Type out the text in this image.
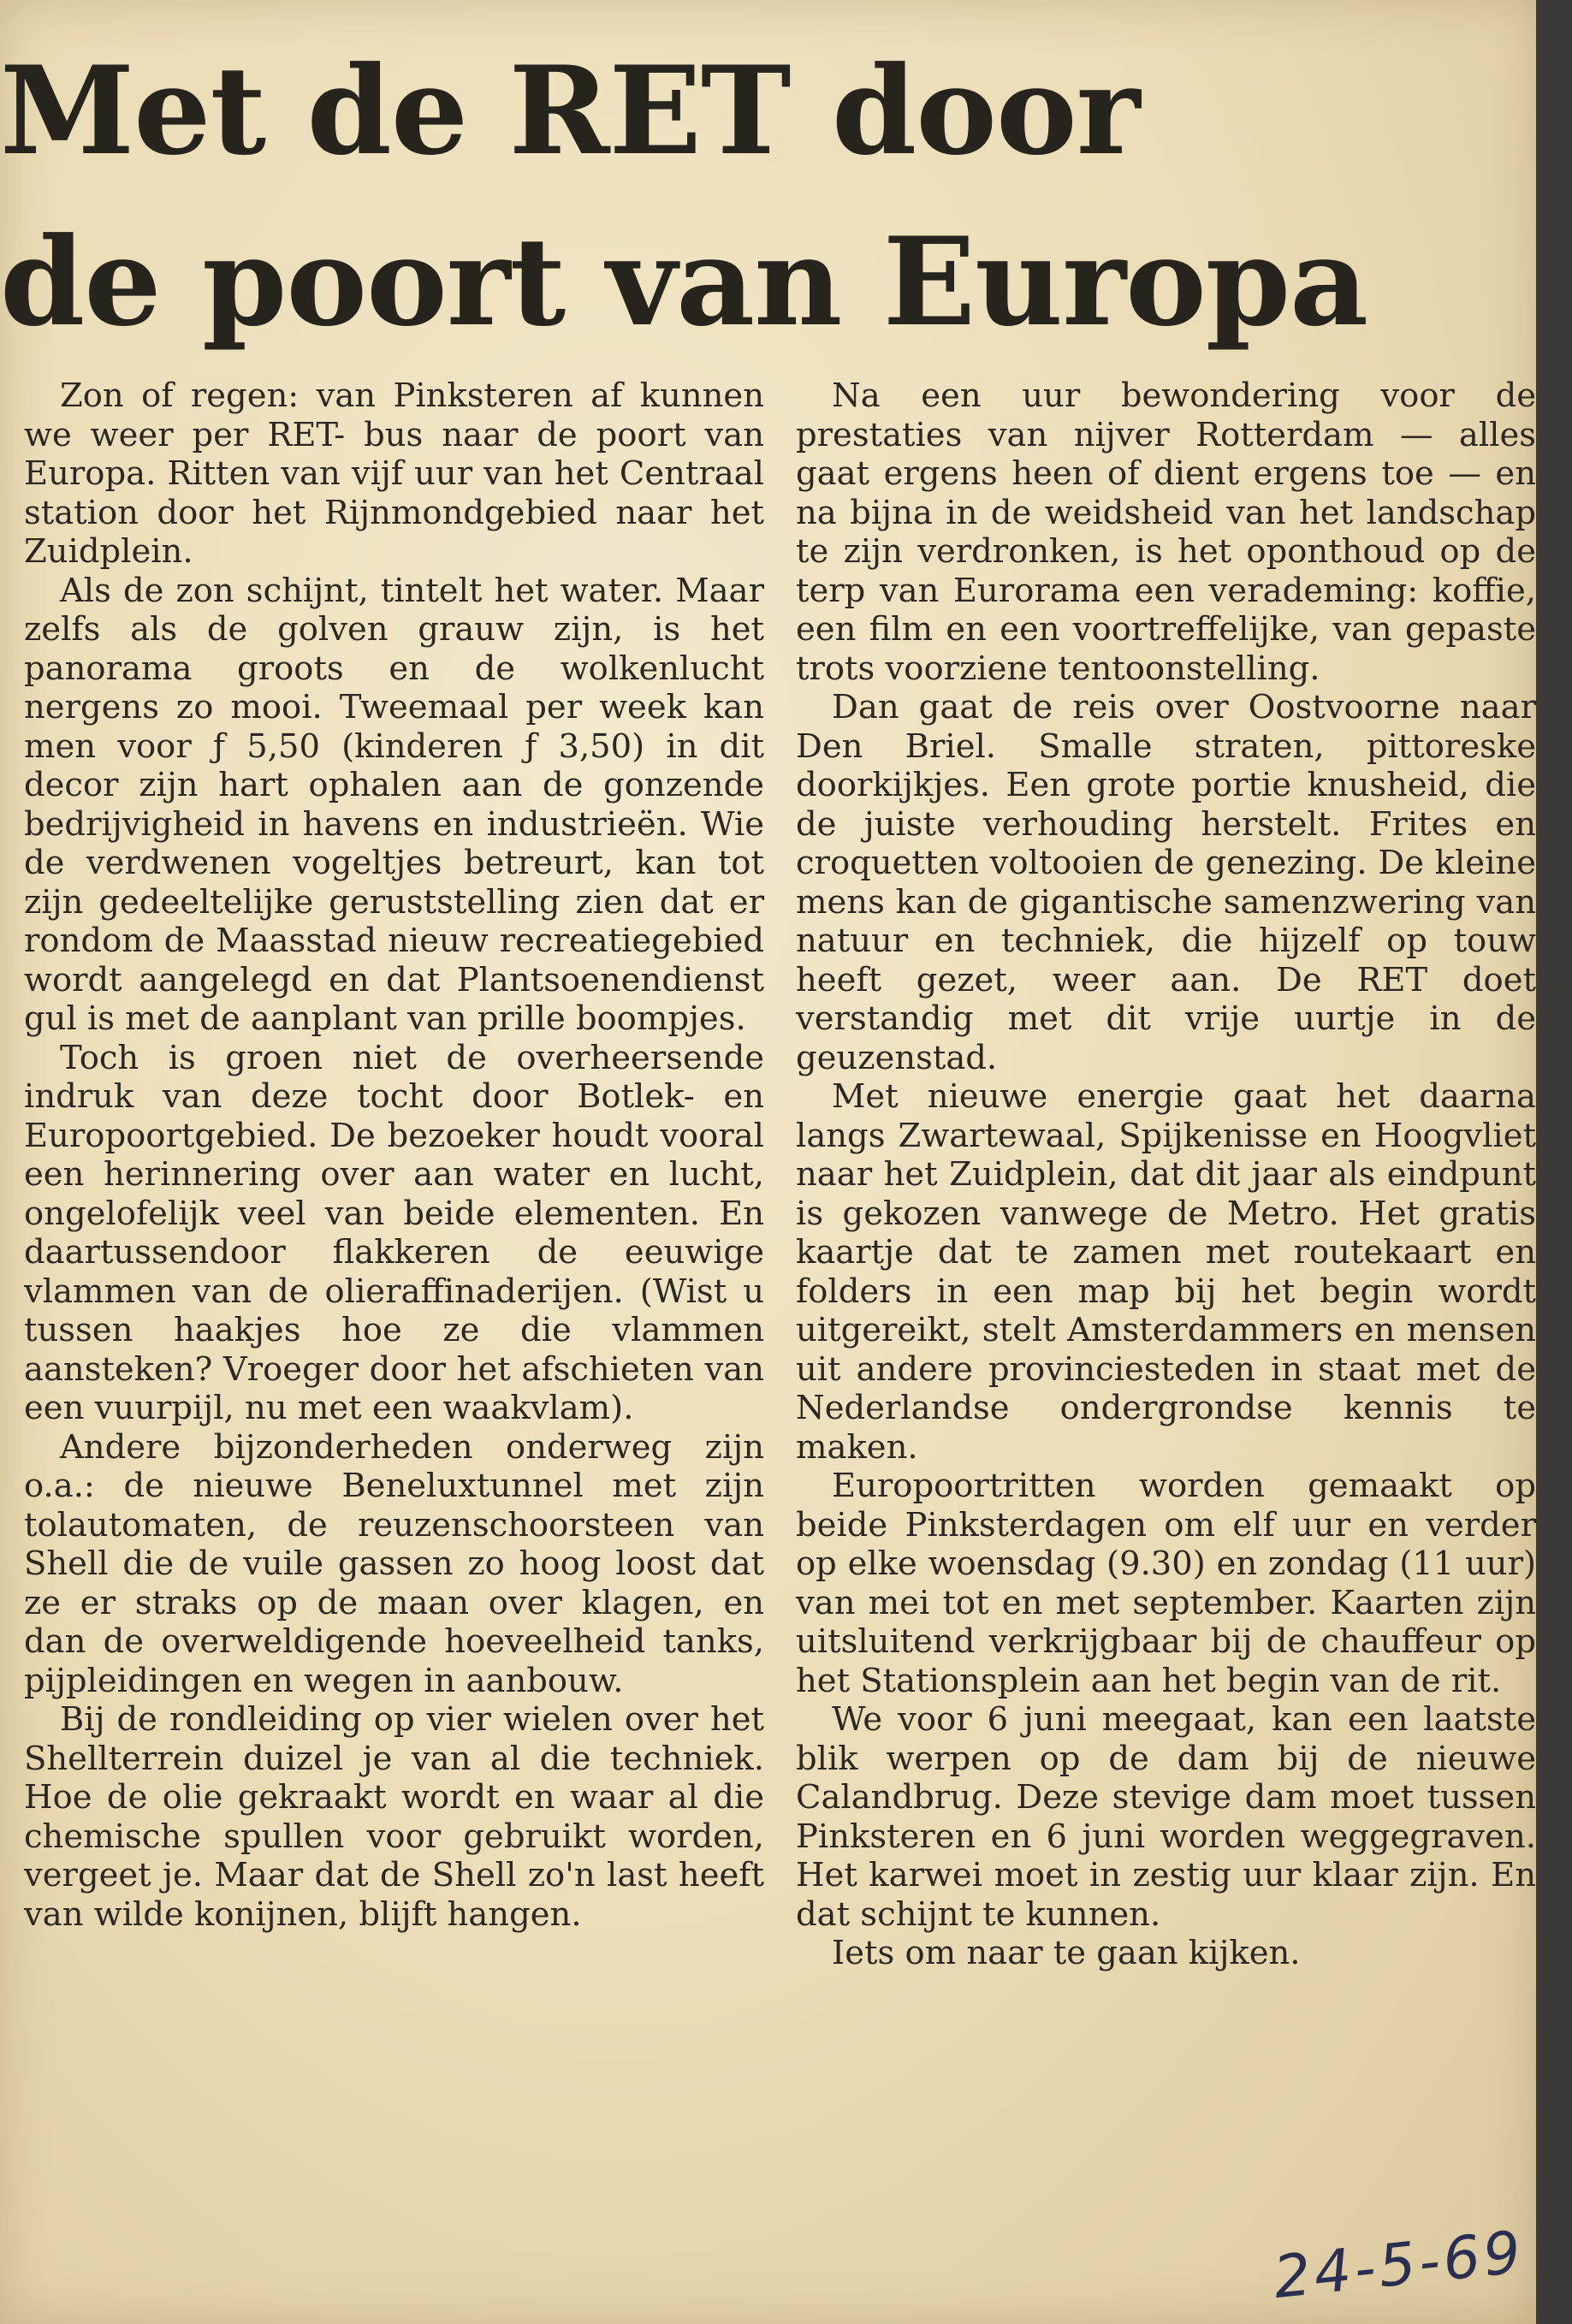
Met de RET door
de poort van Europa

Zon of regen: van Pinksteren af kunnen we weer per RET- bus naar de poort van Europa. Ritten van vijf uur van het Centraal station door het Rijnmondgebied naar het Zuidplein.

Als de zon schijnt, tintelt het water. Maar zelfs als de golven grauw zijn, is het panorama groots en de wolkenlucht nergens zo mooi. Tweemaal per week kan men voor ƒ 5,50 (kinderen ƒ 3,50) in dit decor zijn hart ophalen aan de gonzende bedrijvigheid in havens en industrieën. Wie de verdwenen vogeltjes betreurt, kan tot zijn gedeeltelijke geruststelling zien dat er rondom de Maasstad nieuw recreatiegebied wordt aangelegd en dat Plantsoenendienst gul is met de aanplant van prille boompjes.

Toch is groen niet de overheersende indruk van deze tocht door Botlek- en Europoortgebied. De bezoeker houdt vooral een herinnering over aan water en lucht, ongelofelijk veel van beide elementen. En daartussendoor flakkeren de eeuwige vlammen van de olieraffinaderijen. (Wist u tussen haakjes hoe ze die vlammen aansteken? Vroeger door het afschieten van een vuurpijl, nu met een waakvlam).

Andere bijzonderheden onderweg zijn o.a.: de nieuwe Beneluxtunnel met zijn tolautomaten, de reuzenschoorsteen van Shell die de vuile gassen zo hoog loost dat ze er straks op de maan over klagen, en dan de overweldigende hoeveelheid tanks, pijpleidingen en wegen in aanbouw.

Bij de rondleiding op vier wielen over het Shellterrein duizel je van al die techniek. Hoe de olie gekraakt wordt en waar al die chemische spullen voor gebruikt worden, vergeet je. Maar dat de Shell zo'n last heeft van wilde konijnen, blijft hangen.

Na een uur bewondering voor de prestaties van nijver Rotterdam — alles gaat ergens heen of dient ergens toe — en na bijna in de weidsheid van het landschap te zijn verdronken, is het oponthoud op de terp van Eurorama een verademing: koffie, een film en een voortreffelijke, van gepaste trots voorziene tentoonstelling.

Dan gaat de reis over Oostvoorne naar Den Briel. Smalle straten, pittoreske doorkijkjes. Een grote portie knusheid, die de juiste verhouding herstelt. Frites en croquetten voltooien de genezing. De kleine mens kan de gigantische samenzwering van natuur en techniek, die hijzelf op touw heeft gezet, weer aan. De RET doet verstandig met dit vrije uurtje in de geuzenstad.

Met nieuwe energie gaat het daarna langs Zwartewaal, Spijkenisse en Hoogvliet naar het Zuidplein, dat dit jaar als eindpunt is gekozen vanwege de Metro. Het gratis kaartje dat te zamen met routekaart en folders in een map bij het begin wordt uitgereikt, stelt Amsterdammers en mensen uit andere provinciesteden in staat met de Nederlandse ondergrondse kennis te maken.

Europoortritten worden gemaakt op beide Pinksterdagen om elf uur en verder op elke woensdag (9.30) en zondag (11 uur) van mei tot en met september. Kaarten zijn uitsluitend verkrijgbaar bij de chauffeur op het Stationsplein aan het begin van de rit.

We voor 6 juni meegaat, kan een laatste blik werpen op de dam bij de nieuwe Calandbrug. Deze stevige dam moet tussen Pinksteren en 6 juni worden weggegraven. Het karwei moet in zestig uur klaar zijn. En dat schijnt te kunnen.

Iets om naar te gaan kijken.

24-5-69
